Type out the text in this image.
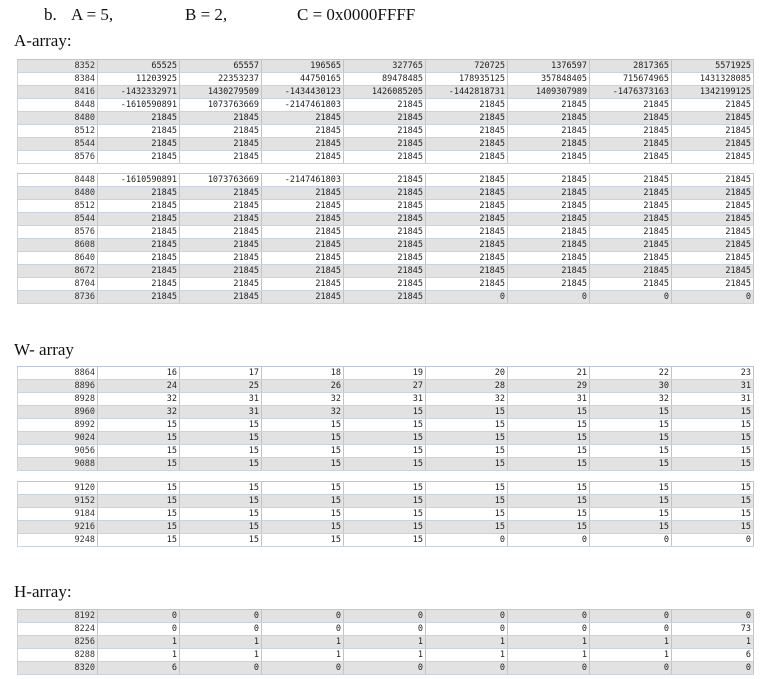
b. A = 5,	B = 2,	C = 0x0000FFFF
A-array:
8352	65525	65557	196565	327765	720725	1376597	2817365	5571925
8384	11203925	22353237	44750165	89478485	178935125	357848405	715674965	1431328085
8416	-1432332971	1430279509	-1434430123	1426085205	-1442818731	1409307989	-1476373163	1342199125
8448	-1610590891	1073763669	-2147461803	21845	21845	21845	21845	21845
8480	21845	21845	21845	21845	21845	21845	21845	21845
8512	21845	21845	21845	21845	21845	21845	21845	21845
8544	21845	21845	21845	21845	21845	21845	21845	21845
8576	21845	21845	21845	21845	21845	21845	21845	21845
8448	-1610590891	1073763669	-2147461803	21845	21845	21845	21845	21845
8480	21845	21845	21845	21845	21845	21845	21845	21845
8512	21845	21845	21845	21845	21845	21845	21845	21845
8544	21845	21845	21845	21845	21845	21845	21845	21845
8576	21845	21845	21845	21845	21845	21845	21845	21845
8608	21845	21845	21845	21845	21845	21845	21845	21845
8640	21845	21845	21845	21845	21845	21845	21845	21845
8672	21845	21845	21845	21845	21845	21845	21845	21845
8704	21845	21845	21845	21845	21845	21845	21845	21845
8736	21845	21845	21845	21845	0	0	0	0
W- array
8864	16	17	18	19	20	21	22	23
8896	24	25	26	27	28	29	30	31
8928	32	31	32	31	32	31	32	31
8960	32	31	32	15	15	15	15	15
8992	15	15	15	15	15	15	15	15
9024	15	15	15	15	15	15	15	15
9056	15	15	15	15	15	15	15	15
9088	15	15	15	15	15	15	15	15
9120	15	15	15	15	15	15	15	15
9152	15	15	15	15	15	15	15	15
9184	15	15	15	15	15	15	15	15
9216	15	15	15	15	15	15	15	15
9248	15	15	15	15	0	0	0	0
H-array:
8192	0	0	0	0	0	0	0	0
8224	0	0	0	0	0	0	0	73
8256	1	1	1	1	1	1	1	1
8288	1	1	1	1	1	1	1	6
8320	6	0	0	0	0	0	0	0
